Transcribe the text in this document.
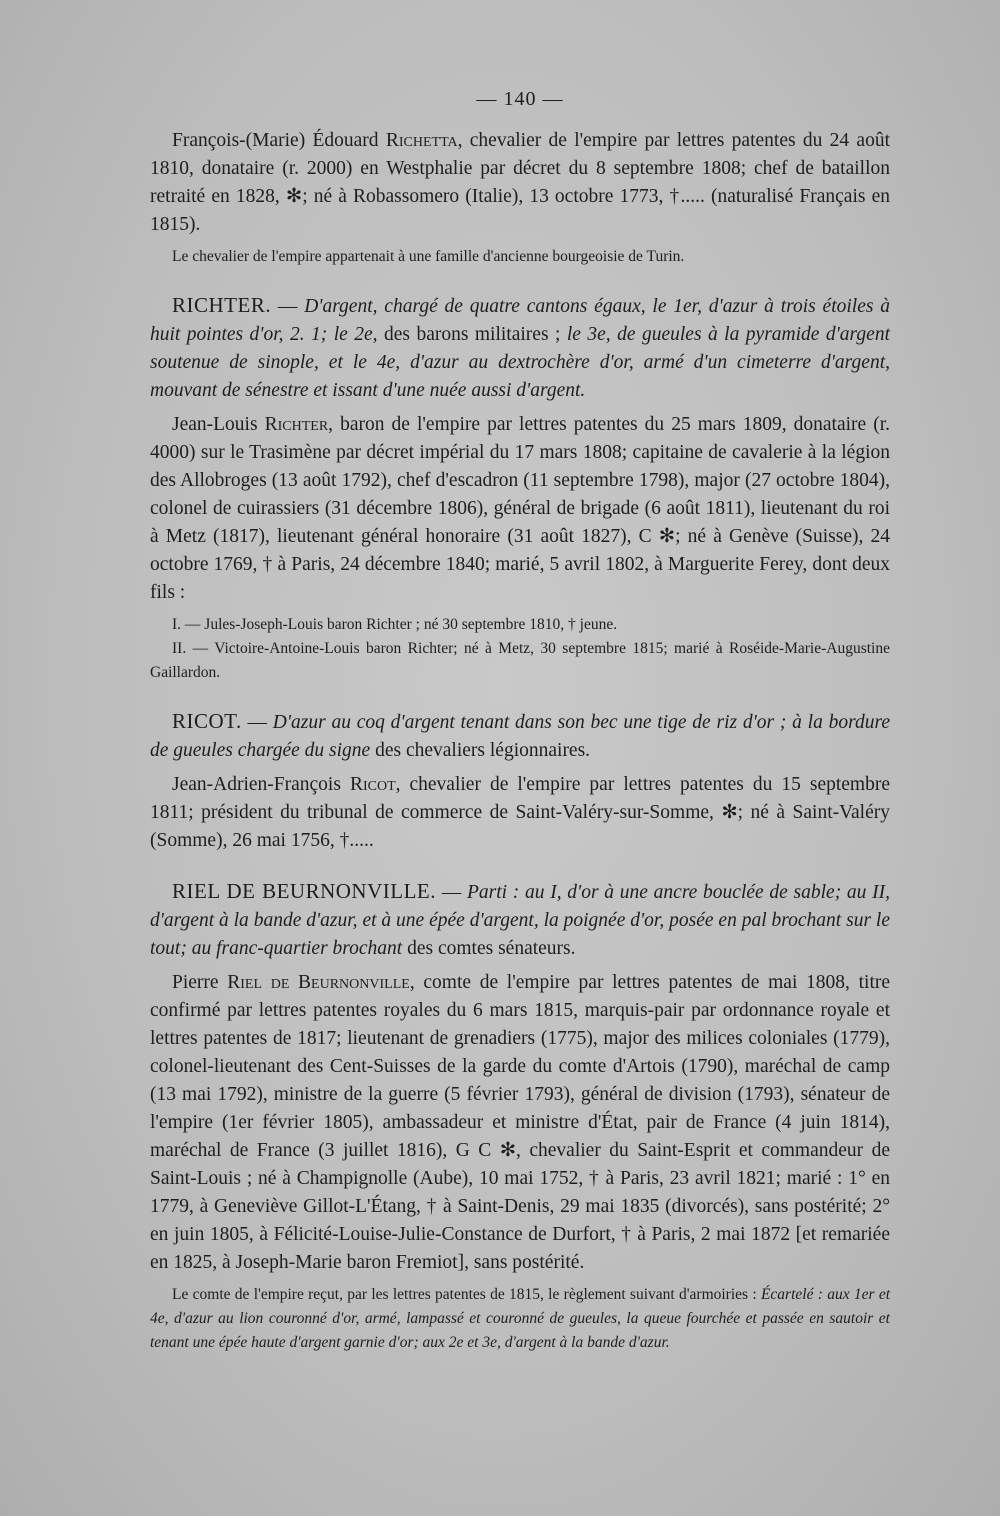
— 140 —

François-(Marie) Édouard Richetta, chevalier de l'empire par lettres patentes du 24 août 1810, donataire (r. 2000) en Westphalie par décret du 8 septembre 1808; chef de bataillon retraité en 1828, ✻; né à Robassomero (Italie), 13 octobre 1773, †..... (naturalisé Français en 1815).

Le chevalier de l'empire appartenait à une famille d'ancienne bourgeoisie de Turin.

RICHTER. — D'argent, chargé de quatre cantons égaux, le 1er, d'azur à trois étoiles à huit pointes d'or, 2. 1; le 2e, des barons militaires ; le 3e, de gueules à la pyramide d'argent soutenue de sinople, et le 4e, d'azur au dextrochère d'or, armé d'un cimeterre d'argent, mouvant de sénestre et issant d'une nuée aussi d'argent.

Jean-Louis Richter, baron de l'empire par lettres patentes du 25 mars 1809, donataire (r. 4000) sur le Trasimène par décret impérial du 17 mars 1808; capitaine de cavalerie à la légion des Allobroges (13 août 1792), chef d'escadron (11 septembre 1798), major (27 octobre 1804), colonel de cuirassiers (31 décembre 1806), général de brigade (6 août 1811), lieutenant du roi à Metz (1817), lieutenant général honoraire (31 août 1827), C ✻; né à Genève (Suisse), 24 octobre 1769, † à Paris, 24 décembre 1840; marié, 5 avril 1802, à Marguerite Ferey, dont deux fils :

I. — Jules-Joseph-Louis baron Richter ; né 30 septembre 1810, † jeune.

II. — Victoire-Antoine-Louis baron Richter; né à Metz, 30 septembre 1815; marié à Roséide-Marie-Augustine Gaillardon.

RICOT. — D'azur au coq d'argent tenant dans son bec une tige de riz d'or ; à la bordure de gueules chargée du signe des chevaliers légionnaires.

Jean-Adrien-François Ricot, chevalier de l'empire par lettres patentes du 15 septembre 1811; président du tribunal de commerce de Saint-Valéry-sur-Somme, ✻; né à Saint-Valéry (Somme), 26 mai 1756, †.....

RIEL DE BEURNONVILLE. — Parti : au I, d'or à une ancre bouclée de sable; au II, d'argent à la bande d'azur, et à une épée d'argent, la poignée d'or, posée en pal brochant sur le tout; au franc-quartier brochant des comtes sénateurs.

Pierre Riel de Beurnonville, comte de l'empire par lettres patentes de mai 1808, titre confirmé par lettres patentes royales du 6 mars 1815, marquis-pair par ordonnance royale et lettres patentes de 1817; lieutenant de grenadiers (1775), major des milices coloniales (1779), colonel-lieutenant des Cent-Suisses de la garde du comte d'Artois (1790), maréchal de camp (13 mai 1792), ministre de la guerre (5 février 1793), général de division (1793), sénateur de l'empire (1er février 1805), ambassadeur et ministre d'État, pair de France (4 juin 1814), maréchal de France (3 juillet 1816), G C ✻, chevalier du Saint-Esprit et commandeur de Saint-Louis ; né à Champignolle (Aube), 10 mai 1752, † à Paris, 23 avril 1821; marié : 1° en 1779, à Geneviève Gillot-L'Étang, † à Saint-Denis, 29 mai 1835 (divorcés), sans postérité; 2° en juin 1805, à Félicité-Louise-Julie-Constance de Durfort, † à Paris, 2 mai 1872 [et remariée en 1825, à Joseph-Marie baron Fremiot], sans postérité.

Le comte de l'empire reçut, par les lettres patentes de 1815, le règlement suivant d'armoiries : Écartelé : aux 1er et 4e, d'azur au lion couronné d'or, armé, lampassé et couronné de gueules, la queue fourchée et passée en sautoir et tenant une épée haute d'argent garnie d'or; aux 2e et 3e, d'argent à la bande d'azur.
